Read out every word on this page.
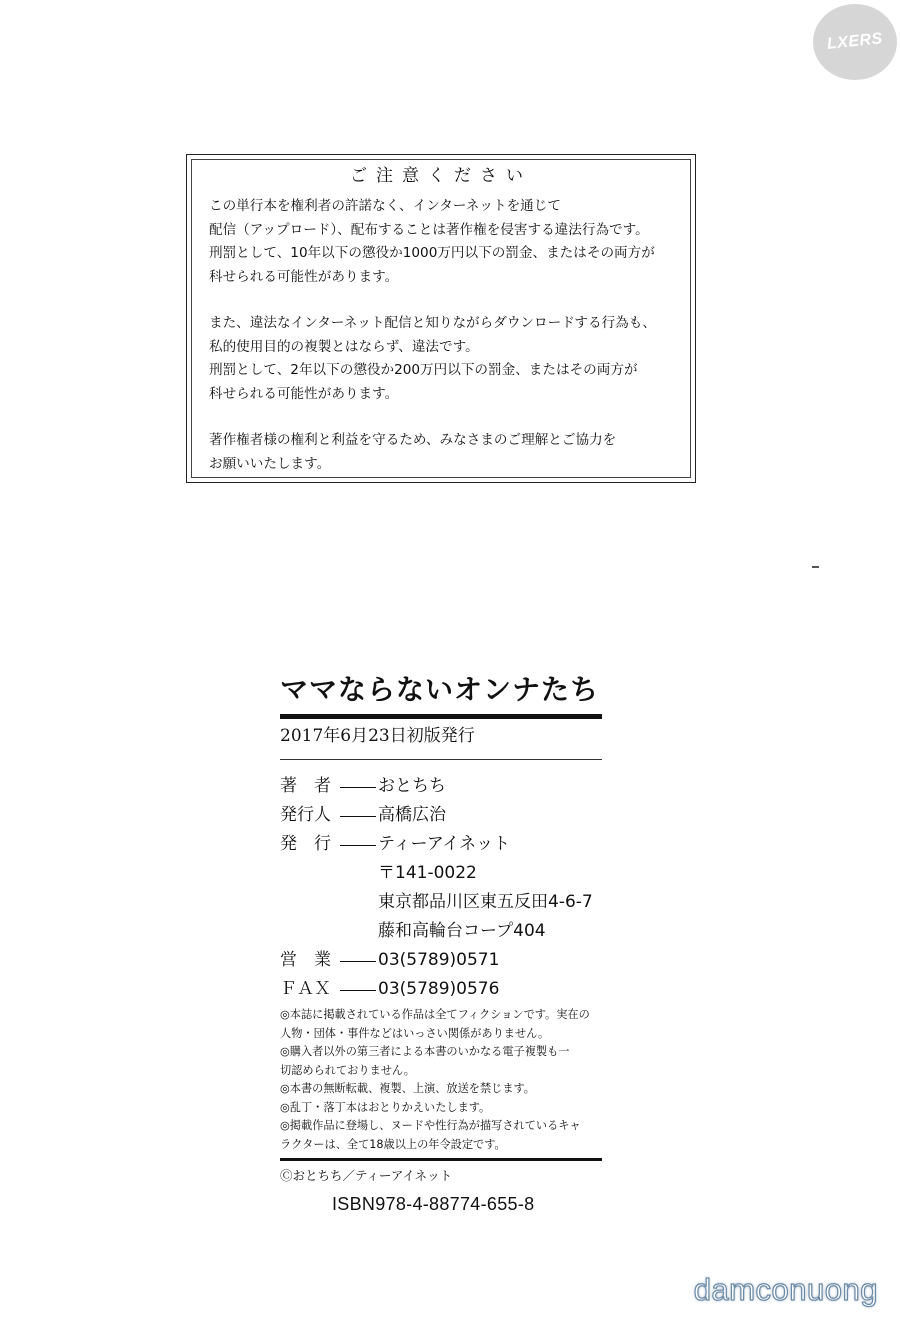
LXERS
ご注意ください

この単行本を権利者の許諾なく、インターネットを通じて
配信（アップロード）、配布することは著作権を侵害する違法行為です。
刑罰として、10年以下の懲役か1000万円以下の罰金、またはその両方が
科せられる可能性があります。

また、違法なインターネット配信と知りながらダウンロードする行為も、
私的使用目的の複製とはならず、違法です。
刑罰として、2年以下の懲役か200万円以下の罰金、またはその両方が
科せられる可能性があります。

著作権者様の権利と利益を守るため、みなさまのご理解とご協力を
お願いいたします。

ママならないオンナたち
2017年6月23日初版発行
著　者	おとちち
発行人	高橋広治
発　行	ティーアイネット
〒141-0022
東京都品川区東五反田4-6-7
藤和高輪台コープ404
営　業	03(5789)0571
ＦＡＸ	03(5789)0576
◎本誌に掲載されている作品は全てフィクションです。実在の
人物・団体・事件などはいっさい関係がありません。
◎購入者以外の第三者による本書のいかなる電子複製も一
切認められておりません。
◎本書の無断転載、複製、上演、放送を禁じます。
◎乱丁・落丁本はおとりかえいたします。
◎掲載作品に登場し、ヌードや性行為が描写されているキャ
ラクターは、全て18歳以上の年令設定です。
Ⓒおとちち／ティーアイネット
ISBN978-4-88774-655-8
damconuong
